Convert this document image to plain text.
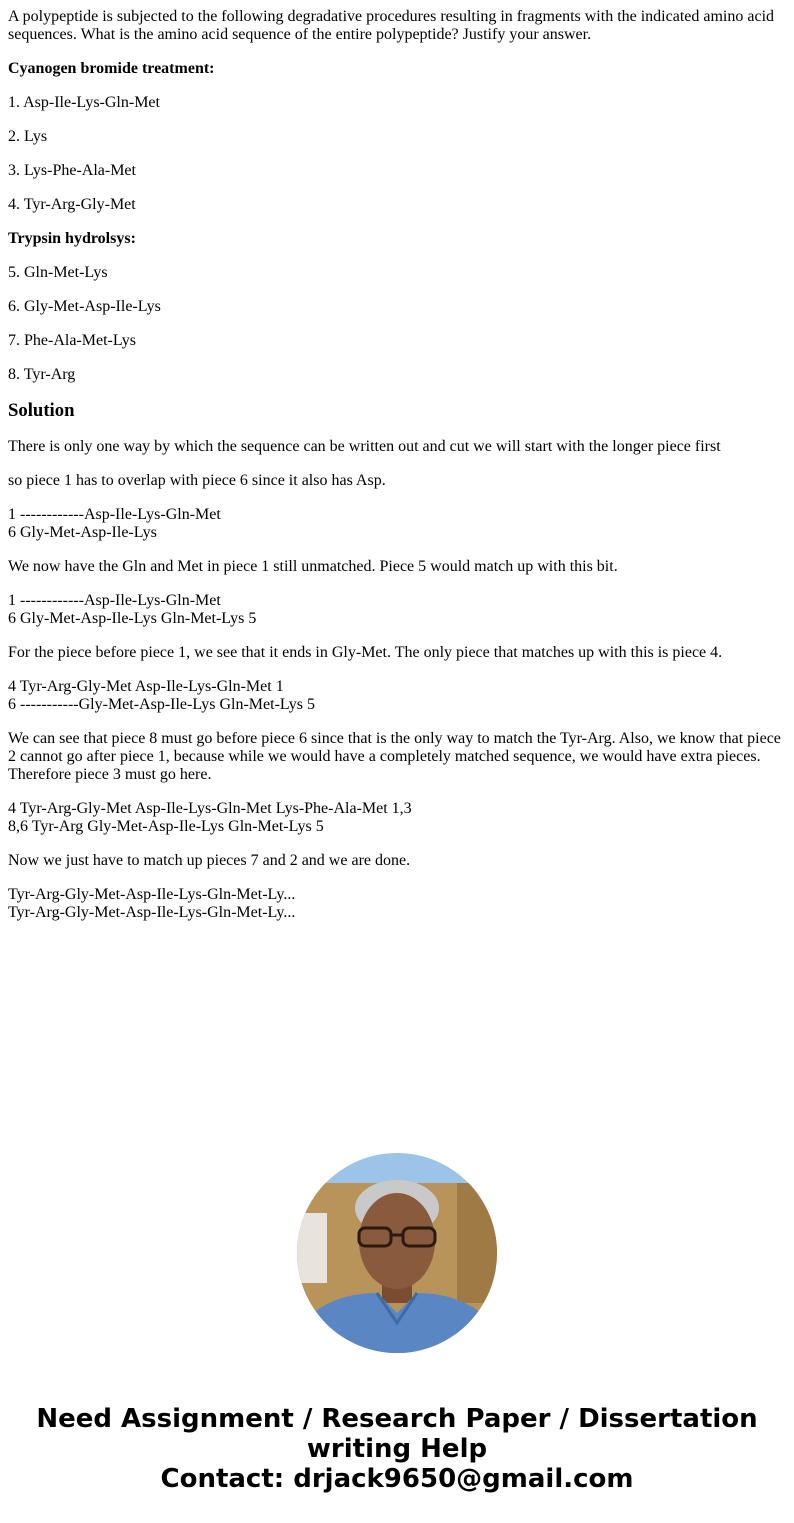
A polypeptide is subjected to the following degradative procedures resulting in fragments with the indicated amino acid sequences. What is the amino acid sequence of the entire polypeptide? Justify your answer.

Cyanogen bromide treatment:

1. Asp-Ile-Lys-Gln-Met

2. Lys

3. Lys-Phe-Ala-Met

4. Tyr-Arg-Gly-Met

Trypsin hydrolsys:

5. Gln-Met-Lys

6. Gly-Met-Asp-Ile-Lys

7. Phe-Ala-Met-Lys

8. Tyr-Arg

Solution

There is only one way by which the sequence can be written out and cut we will start with the longer piece first

so piece 1 has to overlap with piece 6 since it also has Asp.

1 ------------Asp-Ile-Lys-Gln-Met
6 Gly-Met-Asp-Ile-Lys

We now have the Gln and Met in piece 1 still unmatched. Piece 5 would match up with this bit.

1 ------------Asp-Ile-Lys-Gln-Met
6 Gly-Met-Asp-Ile-Lys Gln-Met-Lys 5

For the piece before piece 1, we see that it ends in Gly-Met. The only piece that matches up with this is piece 4.

4 Tyr-Arg-Gly-Met Asp-Ile-Lys-Gln-Met 1
6 -----------Gly-Met-Asp-Ile-Lys Gln-Met-Lys 5

We can see that piece 8 must go before piece 6 since that is the only way to match the Tyr-Arg. Also, we know that piece 2 cannot go after piece 1, because while we would have a completely matched sequence, we would have extra pieces. Therefore piece 3 must go here.

4 Tyr-Arg-Gly-Met Asp-Ile-Lys-Gln-Met Lys-Phe-Ala-Met 1,3
8,6 Tyr-Arg Gly-Met-Asp-Ile-Lys Gln-Met-Lys 5

Now we just have to match up pieces 7 and 2 and we are done.

Tyr-Arg-Gly-Met-Asp-Ile-Lys-Gln-Met-Ly...
Tyr-Arg-Gly-Met-Asp-Ile-Lys-Gln-Met-Ly...

Need Assignment / Research Paper / Dissertation
writing Help
Contact: drjack9650@gmail.com
